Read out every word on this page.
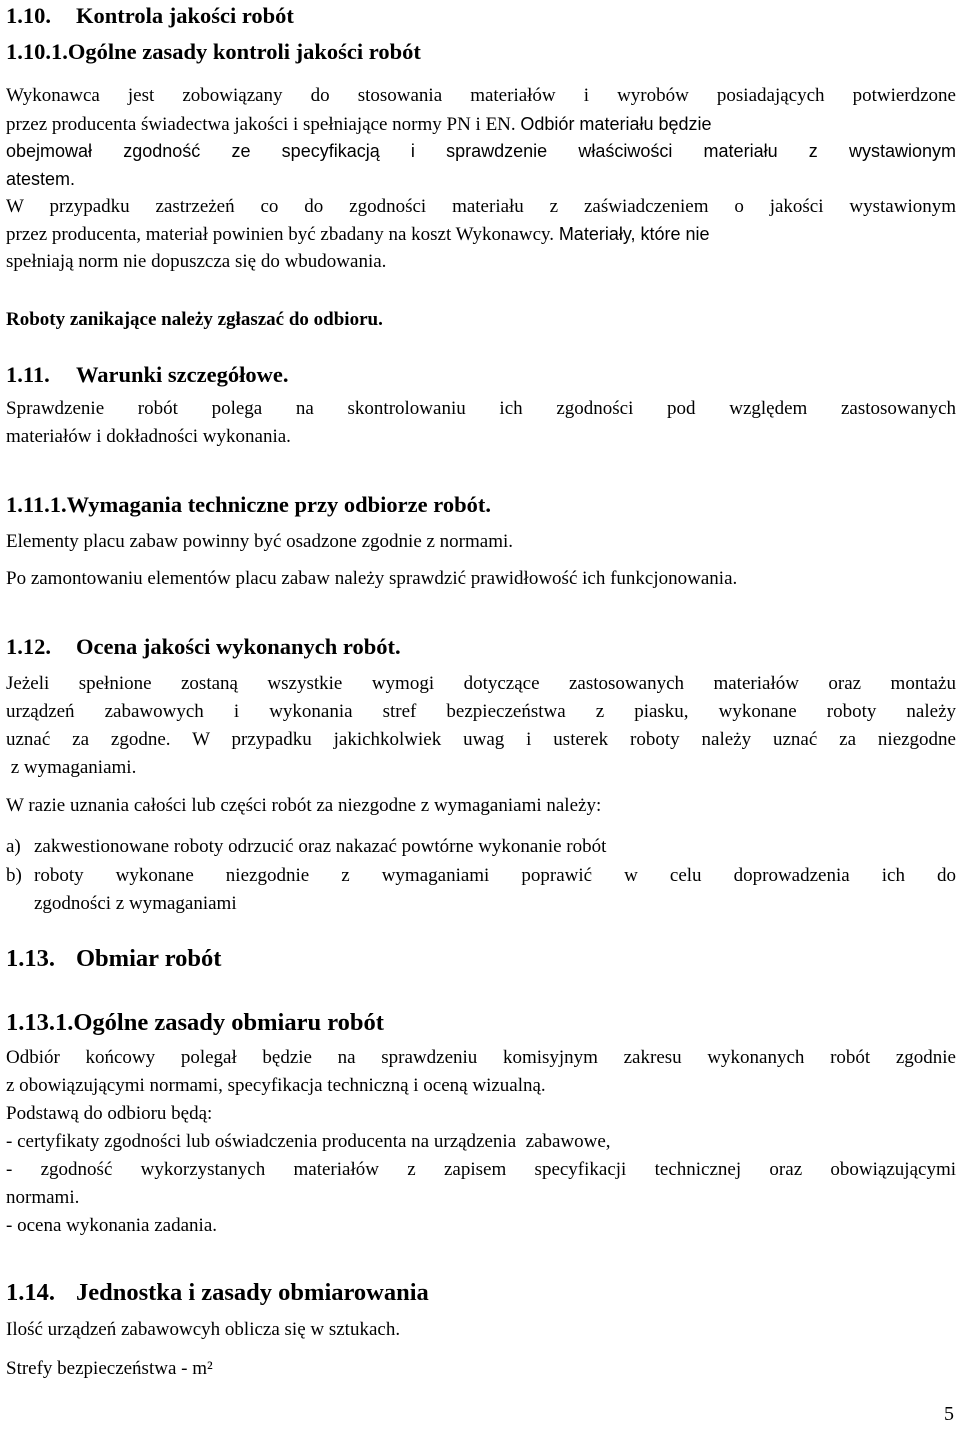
1.10. Kontrola jakości robót
1.10.1.Ogólne zasady kontroli jakości robót
Wykonawca jest zobowiązany do stosowania materiałów i wyrobów posiadających potwierdzone
przez producenta świadectwa jakości i spełniające normy PN i EN. Odbiór materiału będzie
obejmował zgodność ze specyfikacją i sprawdzenie właściwości materiału z wystawionym
atestem.
W przypadku zastrzeżeń co do zgodności materiału z zaświadczeniem o jakości wystawionym
przez producenta, materiał powinien być zbadany na koszt Wykonawcy. Materiały, które nie
spełniają norm nie dopuszcza się do wbudowania.
Roboty zanikające należy zgłaszać do odbioru.
1.11. Warunki szczegółowe.
Sprawdzenie robót polega na skontrolowaniu ich zgodności pod względem zastosowanych
materiałów i dokładności wykonania.
1.11.1.Wymagania techniczne przy odbiorze robót.
Elementy placu zabaw powinny być osadzone zgodnie z normami.
Po zamontowaniu elementów placu zabaw należy sprawdzić prawidłowość ich funkcjonowania.
1.12. Ocena jakości wykonanych robót.
Jeżeli spełnione zostaną wszystkie wymogi dotyczące zastosowanych materiałów oraz montażu
urządzeń zabawowych i wykonania stref bezpieczeństwa z piasku, wykonane roboty należy
uznać za zgodne. W przypadku jakichkolwiek uwag i usterek roboty należy uznać za niezgodne
z wymaganiami.
W razie uznania całości lub części robót za niezgodne z wymaganiami należy:
a) zakwestionowane roboty odrzucić oraz nakazać powtórne wykonanie robót
b) roboty wykonane niezgodnie z wymaganiami poprawić w celu doprowadzenia ich do
zgodności z wymaganiami
1.13. Obmiar robót
1.13.1.Ogólne zasady obmiaru robót
Odbiór końcowy polegał będzie na sprawdzeniu komisyjnym zakresu wykonanych robót zgodnie
z obowiązującymi normami, specyfikacja techniczną i oceną wizualną.
Podstawą do odbioru będą:
- certyfikaty zgodności lub oświadczenia producenta na urządzenia  zabawowe,
- zgodność wykorzystanych materiałów z zapisem specyfikacji technicznej oraz obowiązującymi
normami.
- ocena wykonania zadania.
1.14. Jednostka i zasady obmiarowania
Ilość urządzeń zabawowcyh oblicza się w sztukach.
Strefy bezpieczeństwa - m²
5
